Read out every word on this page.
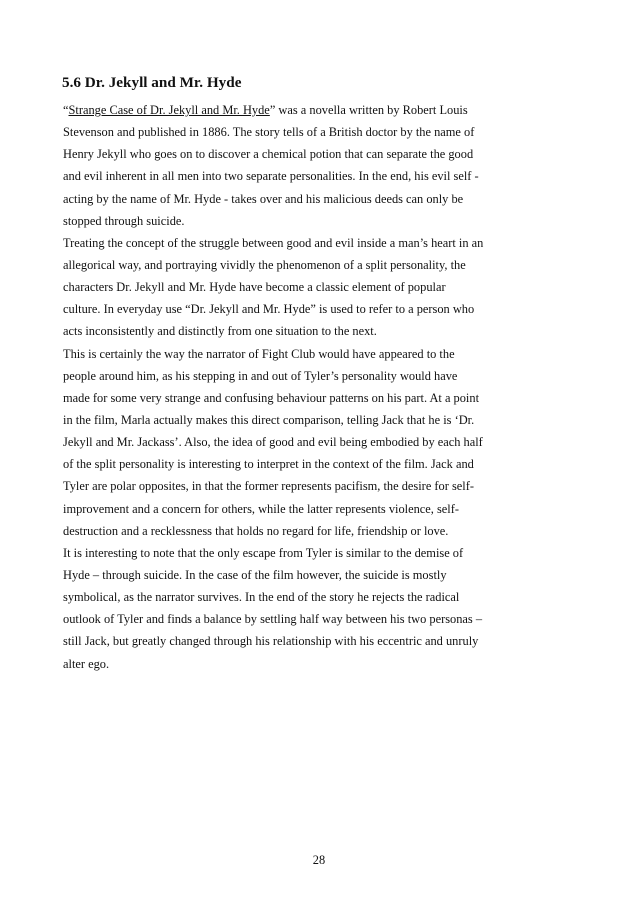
5.6 Dr. Jekyll and Mr. Hyde
“Strange Case of Dr. Jekyll and Mr. Hyde” was a novella written by Robert Louis
Stevenson and published in 1886. The story tells of a British doctor by the name of
Henry Jekyll who goes on to discover a chemical potion that can separate the good
and evil inherent in all men into two separate personalities. In the end, his evil self -
acting by the name of Mr. Hyde - takes over and his malicious deeds can only be
stopped through suicide.
Treating the concept of the struggle between good and evil inside a man’s heart in an
allegorical way, and portraying vividly the phenomenon of a split personality, the
characters Dr. Jekyll and Mr. Hyde have become a classic element of popular
culture. In everyday use “Dr. Jekyll and Mr. Hyde” is used to refer to a person who
acts inconsistently and distinctly from one situation to the next.
This is certainly the way the narrator of Fight Club would have appeared to the
people around him, as his stepping in and out of Tyler’s personality would have
made for some very strange and confusing behaviour patterns on his part. At a point
in the film, Marla actually makes this direct comparison, telling Jack that he is ‘Dr.
Jekyll and Mr. Jackass’. Also, the idea of good and evil being embodied by each half
of the split personality is interesting to interpret in the context of the film. Jack and
Tyler are polar opposites, in that the former represents pacifism, the desire for self-
improvement and a concern for others, while the latter represents violence, self-
destruction and a recklessness that holds no regard for life, friendship or love.
It is interesting to note that the only escape from Tyler is similar to the demise of
Hyde – through suicide. In the case of the film however, the suicide is mostly
symbolical, as the narrator survives. In the end of the story he rejects the radical
outlook of Tyler and finds a balance by settling half way between his two personas –
still Jack, but greatly changed through his relationship with his eccentric and unruly
alter ego.
28
